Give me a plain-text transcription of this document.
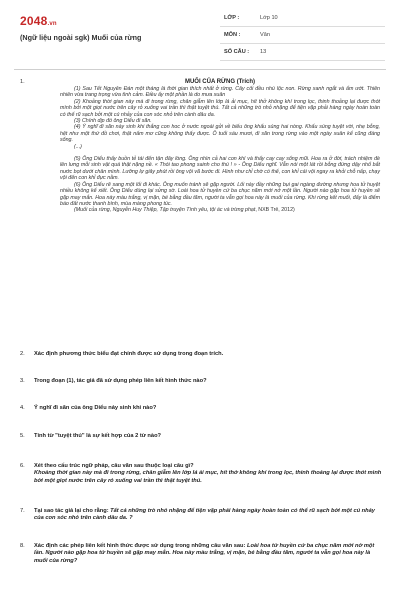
2048.vn
(Ngữ liệu ngoài sgk) Muối của rừng
LỚP :	Lớp 10
MÔN :	Văn
SỐ CÂU :	13
1.	MUỐI CỦA RỪNG (Trích)

(1) Sau Tết Nguyên Đán một tháng là thời gian thích nhất ở rừng. Cây cối đều nhú lộc non. Rừng xanh ngắt và ẩm ướt. Thiên nhiên vừa trang trọng vừa tình cảm. Điều ấy một phần là do mưa xuân

(2) Khoảng thời gian này mà đi trong rừng, chân giẫm lên lớp lá ải mục, hít thở không khí trong lọc, thinh thoảng lại được thót mình bởi một giọt nước trên cây rỏ xuống vai trần thì thật tuyệt thú. Tất cả những trò nhỏ nhặng để tiện vặp phải hàng ngày hoàn toàn có thể rũ sạch bởi một cú nhảy của con sóc nhỏ trên cành dâu da.

(3) Chính dịp đó ông Diểu đi săn.

(4) Ý nghĩ đi săn này sinh khi thắng con hoc ở nước ngoài gửi về biếu ông khẩu súng hai nòng. Khẩu súng tuyệt vời, nhẹ bỗng, hệt như một thứ đồ chơi, thật nấm mơ cũng không thấy được. Ô tuổi sáu mươi, đi săn trong rừng vào một ngày xuân kể cũng đáng sống.

(...)

(5) Ông Diểu thấy buồn tẻ tái đến tận đây lòng. Ông nhìn cả hai con khí và thấy cay cay sống mũi. Hoa ra ở đời, trách nhiệm đè lên lưng mỗi sinh vật quá thật nặng nề. « Thói tao phong sainh cho thú ! » - Ông Diểu nghĩ. Vẫn nói một lát rồi bỗng đứng dậy nhổ bắt nước bọt dưới chân mình. Lưỡng lự giây phút rồi ông vội vã bước đi. Hình như chỉ chờ có thế, con khỉ cái vội ngay ra khỏi chỗ nấp, chạy vội đến con khỉ đực nằm.

(6) Ông Diểu rẽ sang một lối đi khác. Ông muốn tránh sẽ gặp người. Lối này đầy những bụi gai ngàng đường nhưng hoa tử huyệt nhiều không kể xiết. Ông Diểu dùng lại sửng sờ. Loài hoa tử huyền cứ ba chục năm mới nở một lần. Người nào gặp hoa tử huyền sẽ gặp may mắn. Hoa này màu trắng, vị mặn, bé bằng đầu tăm, người ta vẫn gọi hoa này là muối của rừng. Khi rừng kết muối, đấy là điểm báo đất nước thanh bình, mùa màng phong túc.

(Muối của rừng, Nguyễn Huy Thiệp, Tập truyện Tình yêu, tội ác và trừng phạt, NXB Trẻ, 2012)

2.	Xác định phương thức biểu đạt chính được sử dụng trong đoạn trích.
3.	Trong đoạn (1), tác giả đã sử dụng phép liên kết hình thức nào?
4.	Ý nghĩ đi săn của ông Diểu nảy sinh khi nào?
5.	Tính từ "tuyệt thú" là sự kết hợp của 2 từ nào?
6.	Xét theo cấu trúc ngữ pháp, câu văn sau thuộc loại câu gì?
Khoảng thời gian này mà đi trong rừng, chân giẫm lên lớp lá ải mục, hít thở không khí trong lọc, thinh thoảng lại được thót mình bởi một giọt nước trên cây rỏ xuống vai trần thì thật tuyệt thú.
7.	Tại sao tác giả lại cho rằng: Tất cả những trò nhỏ nhặng để tiện vặp phải hàng ngày hoàn toàn có thể rũ sạch bởi một cú nhảy của con sóc nhỏ trên cành dâu da. ?
8.	Xác định các phép liên kết hình thức được sử dụng trong những câu văn sau: Loài hoa tử huyền cứ ba chục năm mới nở một lần. Người nào gặp hoa tử huyền sẽ gặp may mắn. Hoa này màu trắng, vị mặn, bé bằng đầu tăm, người ta vẫn gọi hoa này là muối của rừng?
